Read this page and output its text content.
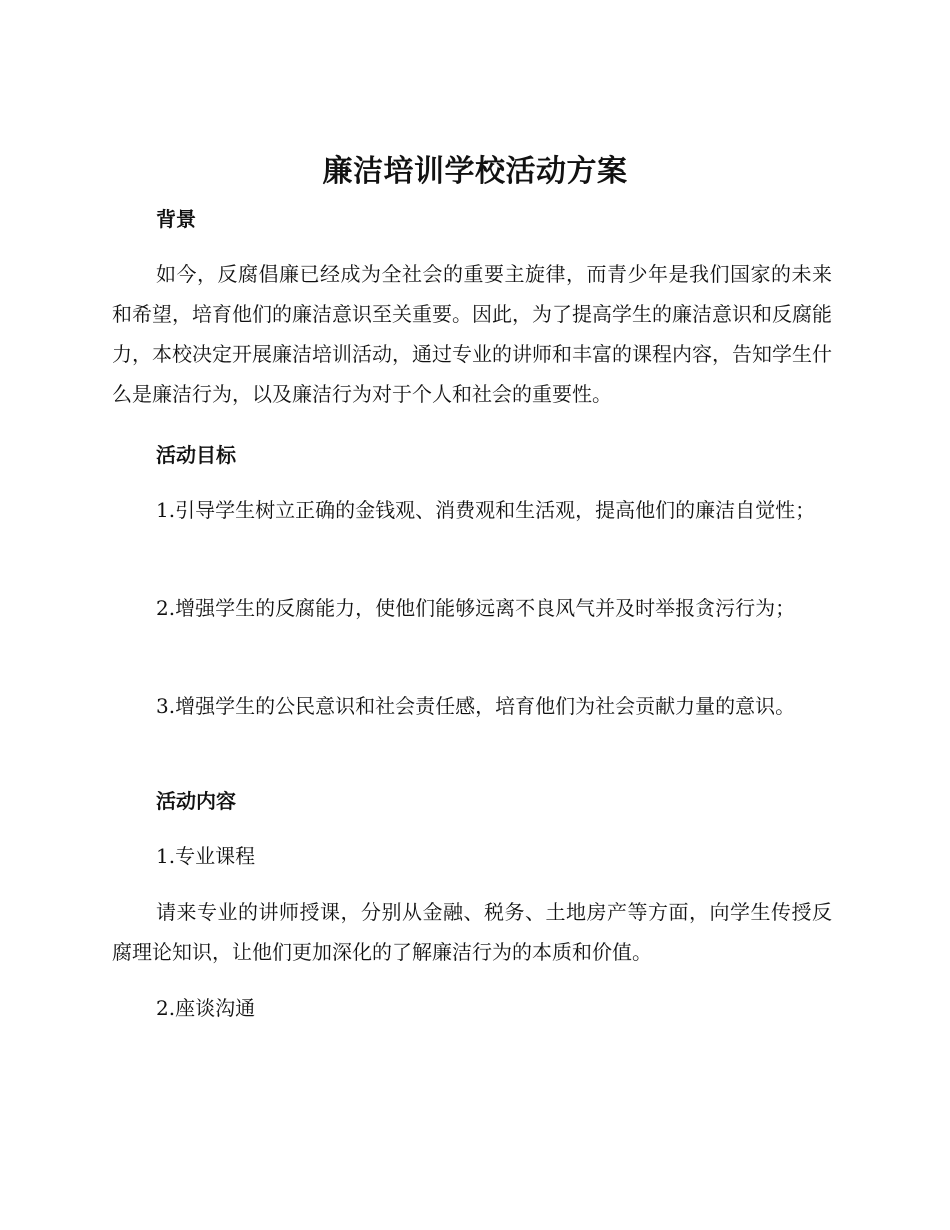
廉洁培训学校活动方案
背景

如今，反腐倡廉已经成为全社会的重要主旋律，而青少年是我们国家的未来和希望，培育他们的廉洁意识至关重要。因此，为了提高学生的廉洁意识和反腐能力，本校决定开展廉洁培训活动，通过专业的讲师和丰富的课程内容，告知学生什么是廉洁行为，以及廉洁行为对于个人和社会的重要性。

活动目标

1.引导学生树立正确的金钱观、消费观和生活观，提高他们的廉洁自觉性；

2.增强学生的反腐能力，使他们能够远离不良风气并及时举报贪污行为；

3.增强学生的公民意识和社会责任感，培育他们为社会贡献力量的意识。

活动内容

1.专业课程

请来专业的讲师授课，分别从金融、税务、土地房产等方面，向学生传授反腐理论知识，让他们更加深化的了解廉洁行为的本质和价值。

2.座谈沟通
